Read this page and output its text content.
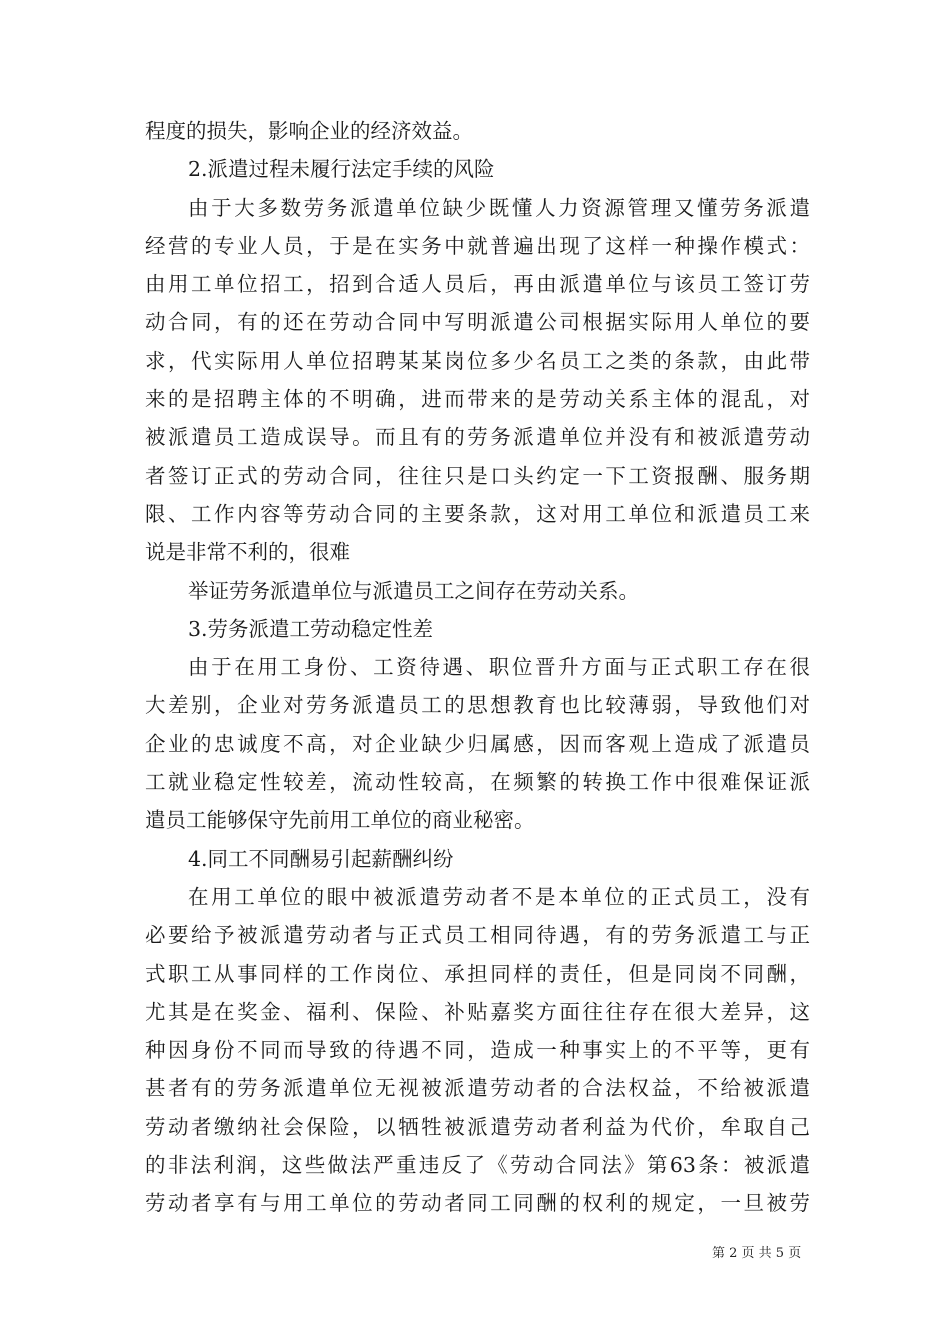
程度的损失，影响企业的经济效益。
2.派遣过程未履行法定手续的风险
由于大多数劳务派遣单位缺少既懂人力资源管理又懂劳务派遣
经营的专业人员，于是在实务中就普遍出现了这样一种操作模式：
由用工单位招工，招到合适人员后，再由派遣单位与该员工签订劳
动合同，有的还在劳动合同中写明派遣公司根据实际用人单位的要
求，代实际用人单位招聘某某岗位多少名员工之类的条款，由此带
来的是招聘主体的不明确，进而带来的是劳动关系主体的混乱，对
被派遣员工造成误导。而且有的劳务派遣单位并没有和被派遣劳动
者签订正式的劳动合同，往往只是口头约定一下工资报酬、服务期
限、工作内容等劳动合同的主要条款，这对用工单位和派遣员工来
说是非常不利的，很难
举证劳务派遣单位与派遣员工之间存在劳动关系。
3.劳务派遣工劳动稳定性差
由于在用工身份、工资待遇、职位晋升方面与正式职工存在很
大差别，企业对劳务派遣员工的思想教育也比较薄弱，导致他们对
企业的忠诚度不高，对企业缺少归属感，因而客观上造成了派遣员
工就业稳定性较差，流动性较高，在频繁的转换工作中很难保证派
遣员工能够保守先前用工单位的商业秘密。
4.同工不同酬易引起薪酬纠纷
在用工单位的眼中被派遣劳动者不是本单位的正式员工，没有
必要给予被派遣劳动者与正式员工相同待遇，有的劳务派遣工与正
式职工从事同样的工作岗位、承担同样的责任，但是同岗不同酬，
尤其是在奖金、福利、保险、补贴嘉奖方面往往存在很大差异，这
种因身份不同而导致的待遇不同，造成一种事实上的不平等，更有
甚者有的劳务派遣单位无视被派遣劳动者的合法权益，不给被派遣
劳动者缴纳社会保险，以牺牲被派遣劳动者利益为代价，牟取自己
的非法利润，这些做法严重违反了《劳动合同法》第63条：被派遣
劳动者享有与用工单位的劳动者同工同酬的权利的规定，一旦被劳
第 2 页 共 5 页
